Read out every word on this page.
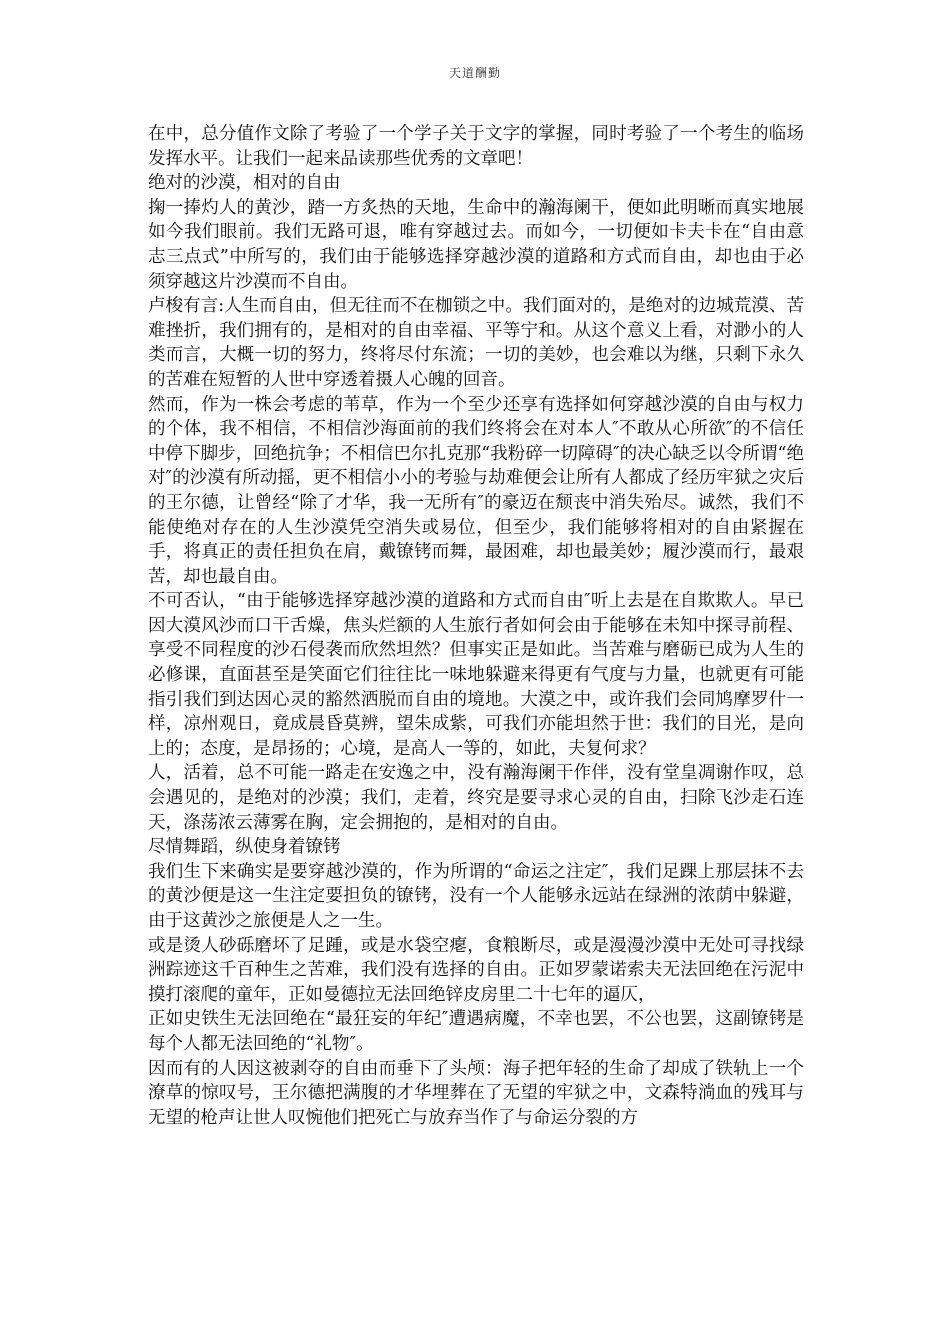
天道酬勤

在中，总分值作文除了考验了一个学子关于文字的掌握，同时考验了一个考生的临场发挥水平。让我们一起来品读那些优秀的文章吧！

绝对的沙漠，相对的自由

掬一捧灼人的黄沙，踏一方炙热的天地，生命中的瀚海阑干，便如此明晰而真实地展如今我们眼前。我们无路可退，唯有穿越过去。而如今，一切便如卡夫卡在“自由意志三点式”中所写的，我们由于能够选择穿越沙漠的道路和方式而自由，却也由于必须穿越这片沙漠而不自由。

卢梭有言:人生而自由，但无往而不在枷锁之中。我们面对的，是绝对的边城荒漠、苦难挫折，我们拥有的，是相对的自由幸福、平等宁和。从这个意义上看，对渺小的人类而言，大概一切的努力，终将尽付东流；一切的美妙，也会难以为继，只剩下永久的苦难在短暂的人世中穿透着摄人心魄的回音。

然而，作为一株会考虑的苇草，作为一个至少还享有选择如何穿越沙漠的自由与权力的个体，我不相信，不相信沙海面前的我们终将会在对本人″不敢从心所欲″的不信任中停下脚步，回绝抗争；不相信巴尔扎克那“我粉碎一切障碍″的决心缺乏以令所谓“绝对″的沙漠有所动摇，更不相信小小的考验与劫难便会让所有人都成了经历牢狱之灾后的王尔德，让曾经“除了才华，我一无所有″的豪迈在颓丧中消失殆尽。诚然，我们不能使绝对存在的人生沙漠凭空消失或易位，但至少，我们能够将相对的自由紧握在手，将真正的责任担负在肩，戴镣铐而舞，最困难，却也最美妙；履沙漠而行，最艰苦，却也最自由。

不可否认，“由于能够选择穿越沙漠的道路和方式而自由″听上去是在自欺欺人。早已因大漠风沙而口干舌燥，焦头烂额的人生旅行者如何会由于能够在未知中探寻前程、享受不同程度的沙石侵袭而欣然坦然？但事实正是如此。当苦难与磨砺已成为人生的必修课，直面甚至是笑面它们往往比一味地躲避来得更有气度与力量，也就更有可能指引我们到达因心灵的豁然洒脱而自由的境地。大漠之中，或许我们会同鸠摩罗什一样，凉州观日，竟成晨昏莫辨，望朱成紫，可我们亦能坦然于世：我们的目光，是向上的；态度，是昂扬的；心境，是高人一等的，如此，夫复何求？

人，活着，总不可能一路走在安逸之中，没有瀚海阑干作伴，没有堂皇凋谢作叹，总会遇见的，是绝对的沙漠；我们，走着，终究是要寻求心灵的自由，扫除飞沙走石连天，涤荡浓云薄雾在胸，定会拥抱的，是相对的自由。

尽情舞蹈，纵使身着镣铐

我们生下来确实是要穿越沙漠的，作为所谓的“命运之注定″，我们足踝上那层抹不去的黄沙便是这一生注定要担负的镣铐，没有一个人能够永远站在绿洲的浓荫中躲避，由于这黄沙之旅便是人之一生。

或是烫人砂砾磨坏了足踵，或是水袋空瘪，食粮断尽，或是漫漫沙漠中无处可寻找绿洲踪迹这千百种生之苦难，我们没有选择的自由。正如罗蒙诺索夫无法回绝在污泥中摸打滚爬的童年，正如曼德拉无法回绝锌皮房里二十七年的逼仄，

正如史铁生无法回绝在“最狂妄的年纪″遭遇病魔，不幸也罢，不公也罢，这副镣铐是每个人都无法回绝的“礼物″。

因而有的人因这被剥夺的自由而垂下了头颅：海子把年轻的生命了却成了铁轨上一个潦草的惊叹号，王尔德把满腹的才华埋葬在了无望的牢狱之中，文森特淌血的残耳与无望的枪声让世人叹惋他们把死亡与放弃当作了与命运分裂的方
